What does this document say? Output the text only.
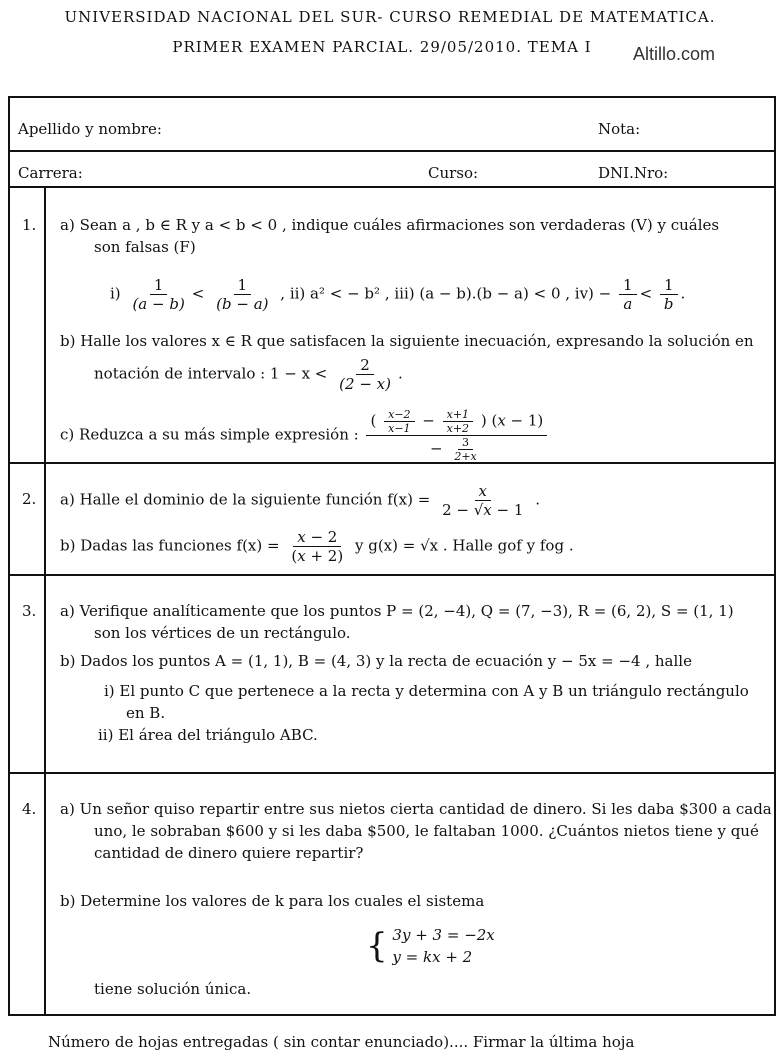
UNIVERSIDAD NACIONAL DEL SUR- CURSO REMEDIAL DE MATEMATICA.
PRIMER EXAMEN PARCIAL. 29/05/2010. TEMA I	Altillo.com
Apellido y nombre:	Nota:
Carrera:	Curso:	DNI.Nro:
1. a) Sean a , b ∈ R y a < b < 0 , indique cuáles afirmaciones son verdaderas (V) y cuáles
son falsas (F)
$i) \frac{1}{(a - b)} < \frac{1}{(b - a)}$ , ii) a² < − b² , iii) (a − b).(b − a) < 0 , $iv) - \frac{1}{a} < \frac{1}{b}$ .
b) Halle los valores x ∈ R que satisfacen la siguiente inecuación, expresando la solución en
notación de intervalo : $1 - x < \frac{2}{(2 - x)}$ .
c) Reduzca a su más simple expresión : $\frac{( \frac{x-2}{x-1} - \frac{x+1}{x+2} ) (x - 1)}{- \frac{3}{2+x}}$
2. a) Halle el dominio de la siguiente función $f(x) = \frac{x}{2 - √x - 1}$ .
b) Dadas las funciones $f(x) = \frac{x - 2}{(x + 2)}$ y g(x) = √x . Halle gof y fog .
3. a) Verifique analíticamente que los puntos P = (2, −4), Q = (7, −3), R = (6, 2), S = (1, 1)
son los vértices de un rectángulo.
b) Dados los puntos A = (1, 1), B = (4, 3) y la recta de ecuación y − 5x = −4 , halle
i) El punto C que pertenece a la recta y determina con A y B un triángulo rectángulo
en B.
ii) El área del triángulo ABC.
4. a) Un señor quiso repartir entre sus nietos cierta cantidad de dinero. Si les daba $300 a cada
uno, le sobraban $600 y si les daba $500, le faltaban 1000. ¿Cuántos nietos tiene y qué
cantidad de dinero quiere repartir?
b) Determine los valores de k para los cuales el sistema
{ 3y + 3 = −2x
y = kx + 2
tiene solución única.
Número de hojas entregadas ( sin contar enunciado).... Firmar la última hoja
